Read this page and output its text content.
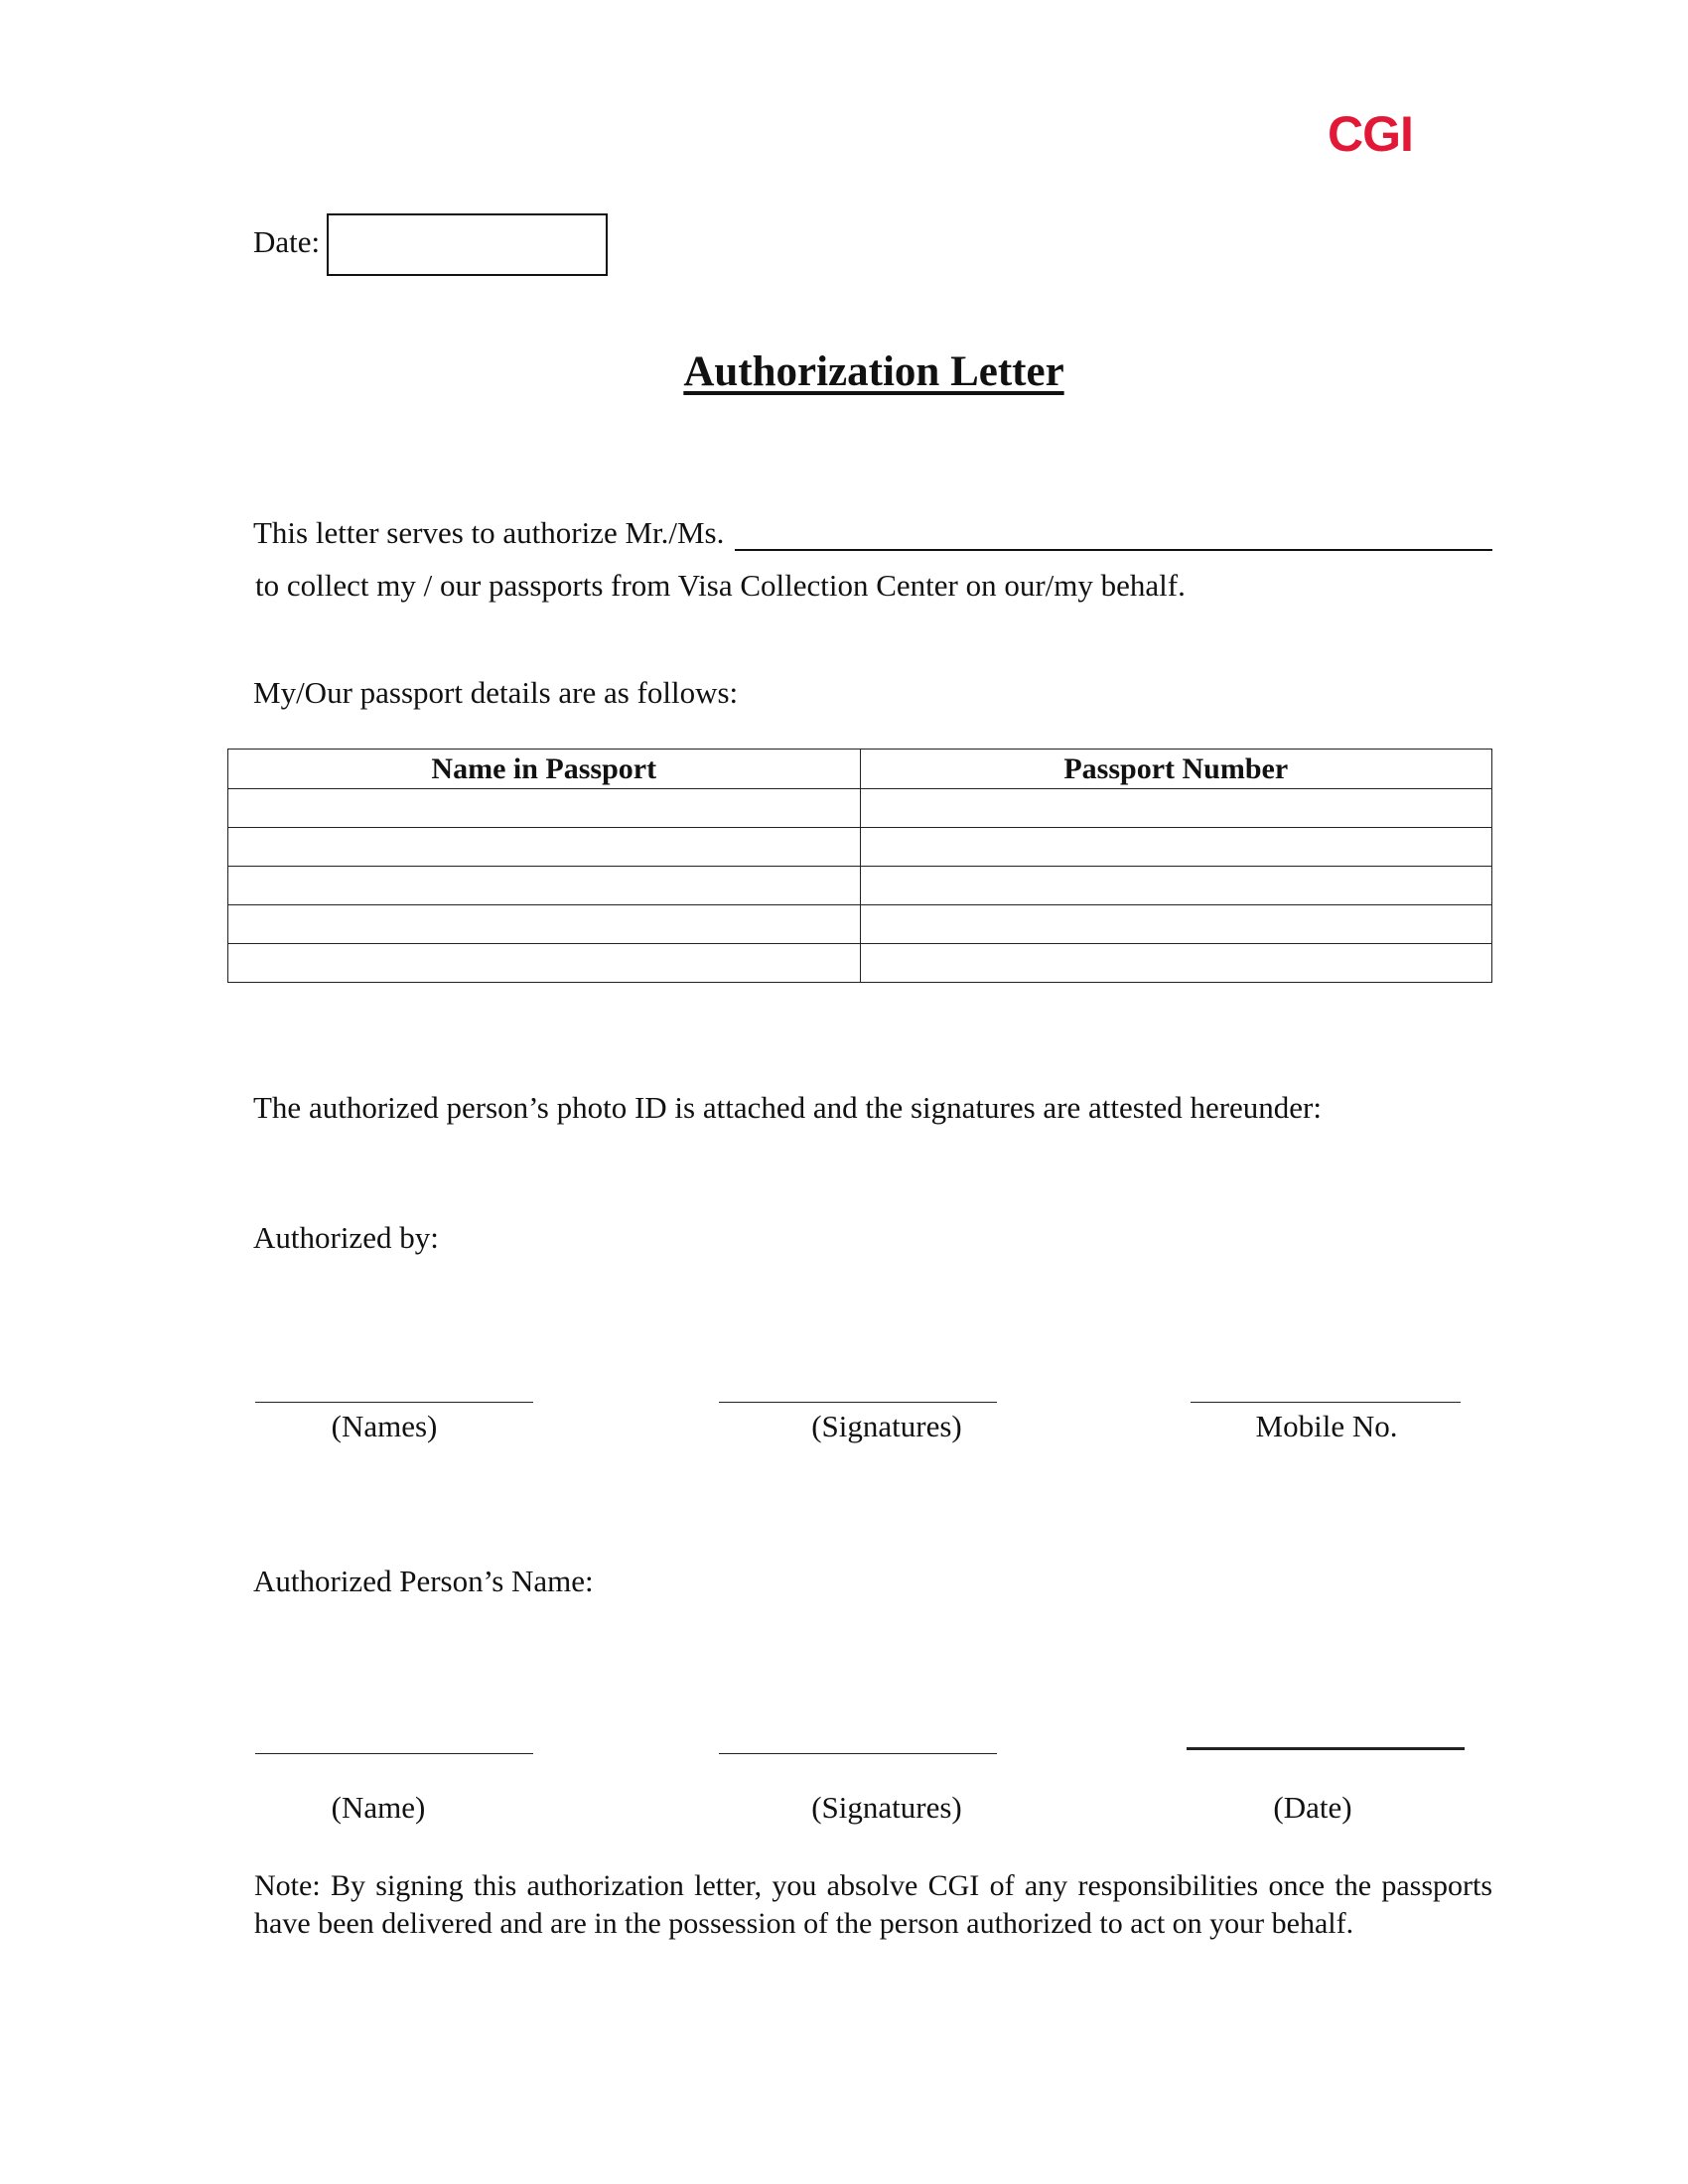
CGI
Date:
Authorization Letter
This letter serves to authorize Mr./Ms.
to collect my / our passports from Visa Collection Center on our/my behalf.
My/Our passport details are as follows:
Name in Passport	Passport Number

The authorized person’s photo ID is attached and the signatures are attested hereunder:
Authorized by:
(Names)	(Signatures)	Mobile No.
Authorized Person’s Name:
(Name)	(Signatures)	(Date)
Note: By signing this authorization letter, you absolve CGI of any responsibilities once the passports have been delivered and are in the possession of the person authorized to act on your behalf.
